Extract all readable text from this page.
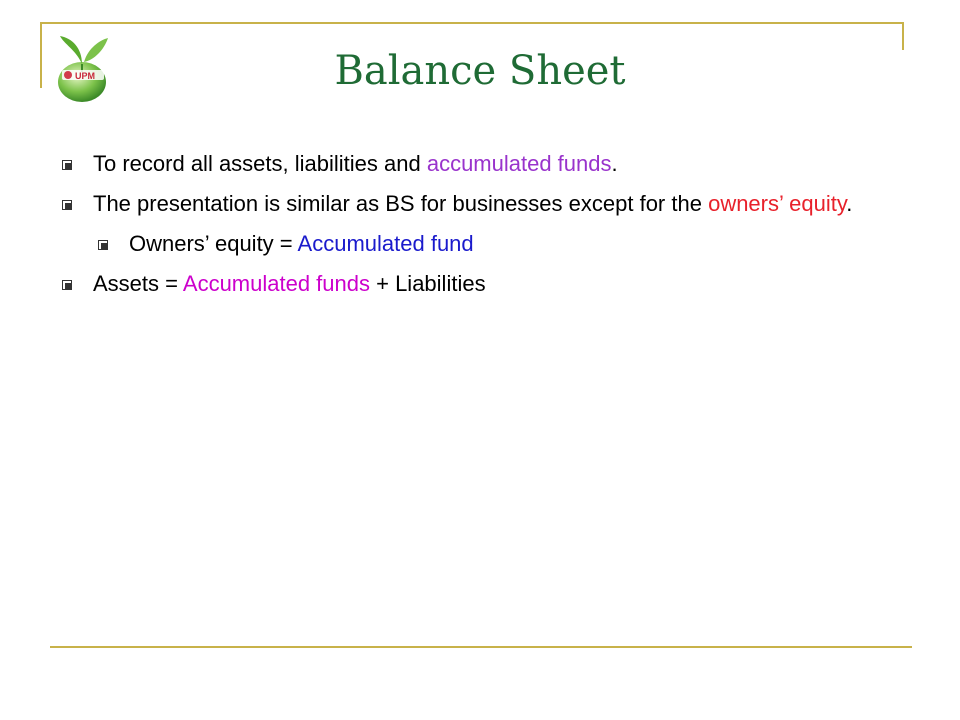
UPM	Balance Sheet
To record all assets, liabilities and accumulated funds.
The presentation is similar as BS for businesses except for the owners’ equity.
Owners’ equity = Accumulated fund
Assets = Accumulated funds + Liabilities
